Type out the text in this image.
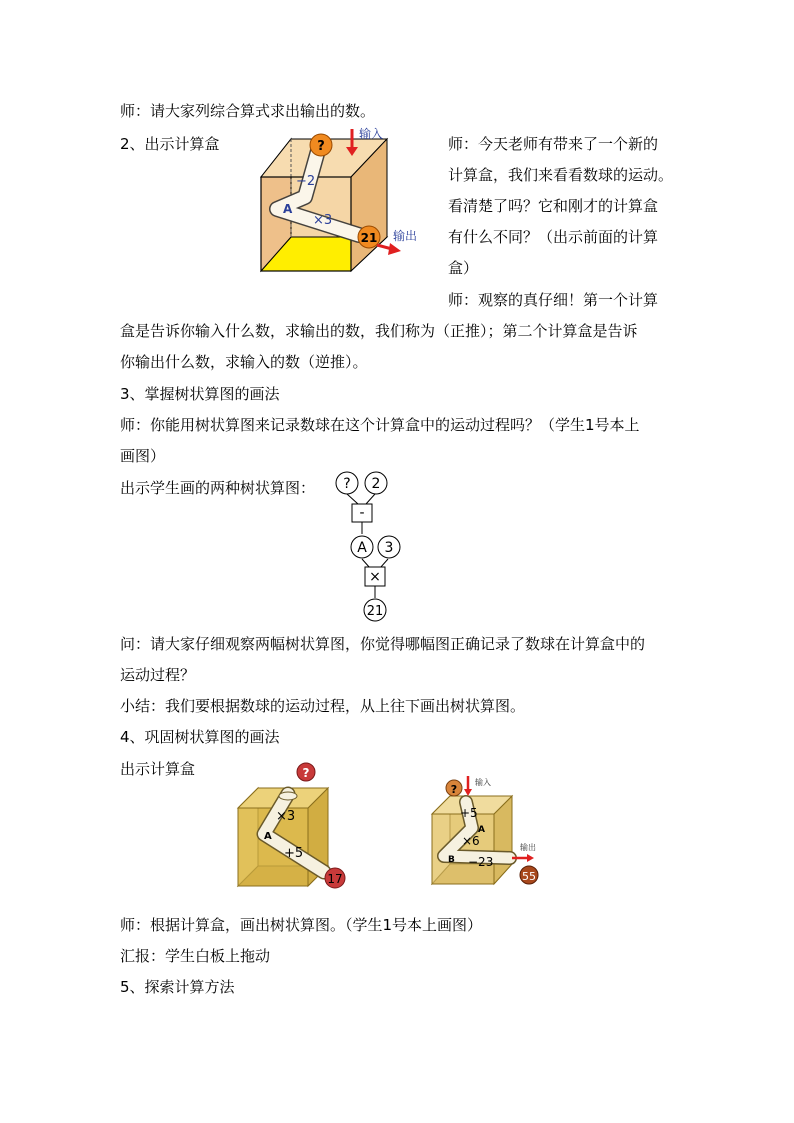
师：请大家列综合算式求出输出的数。
2、出示计算盒	师：今天老师有带来了一个新的
计算盒，我们来看看数球的运动。
看清楚了吗？它和刚才的计算盒
有什么不同？（出示前面的计算
盒）
师：观察的真仔细！第一个计算
盒是告诉你输入什么数，求输出的数，我们称为（正推）；第二个计算盒是告诉
你输出什么数，求输入的数（逆推）。
3、掌握树状算图的画法
师：你能用树状算图来记录数球在这个计算盒中的运动过程吗？（学生1号本上
画图）
出示学生画的两种树状算图：
问：请大家仔细观察两幅树状算图，你觉得哪幅图正确记录了数球在计算盒中的
运动过程？
小结：我们要根据数球的运动过程，从上往下画出树状算图。
4、巩固树状算图的画法
出示计算盒
师：根据计算盒，画出树状算图。（学生1号本上画图）
汇报：学生白板上拖动
5、探索计算方法
?
输入
−2
A
×3
21 输出
? 2
-
A 3
×
21
?
×3
A
+5
17
?
输入
+5
A
×6
B −23
输出
55
